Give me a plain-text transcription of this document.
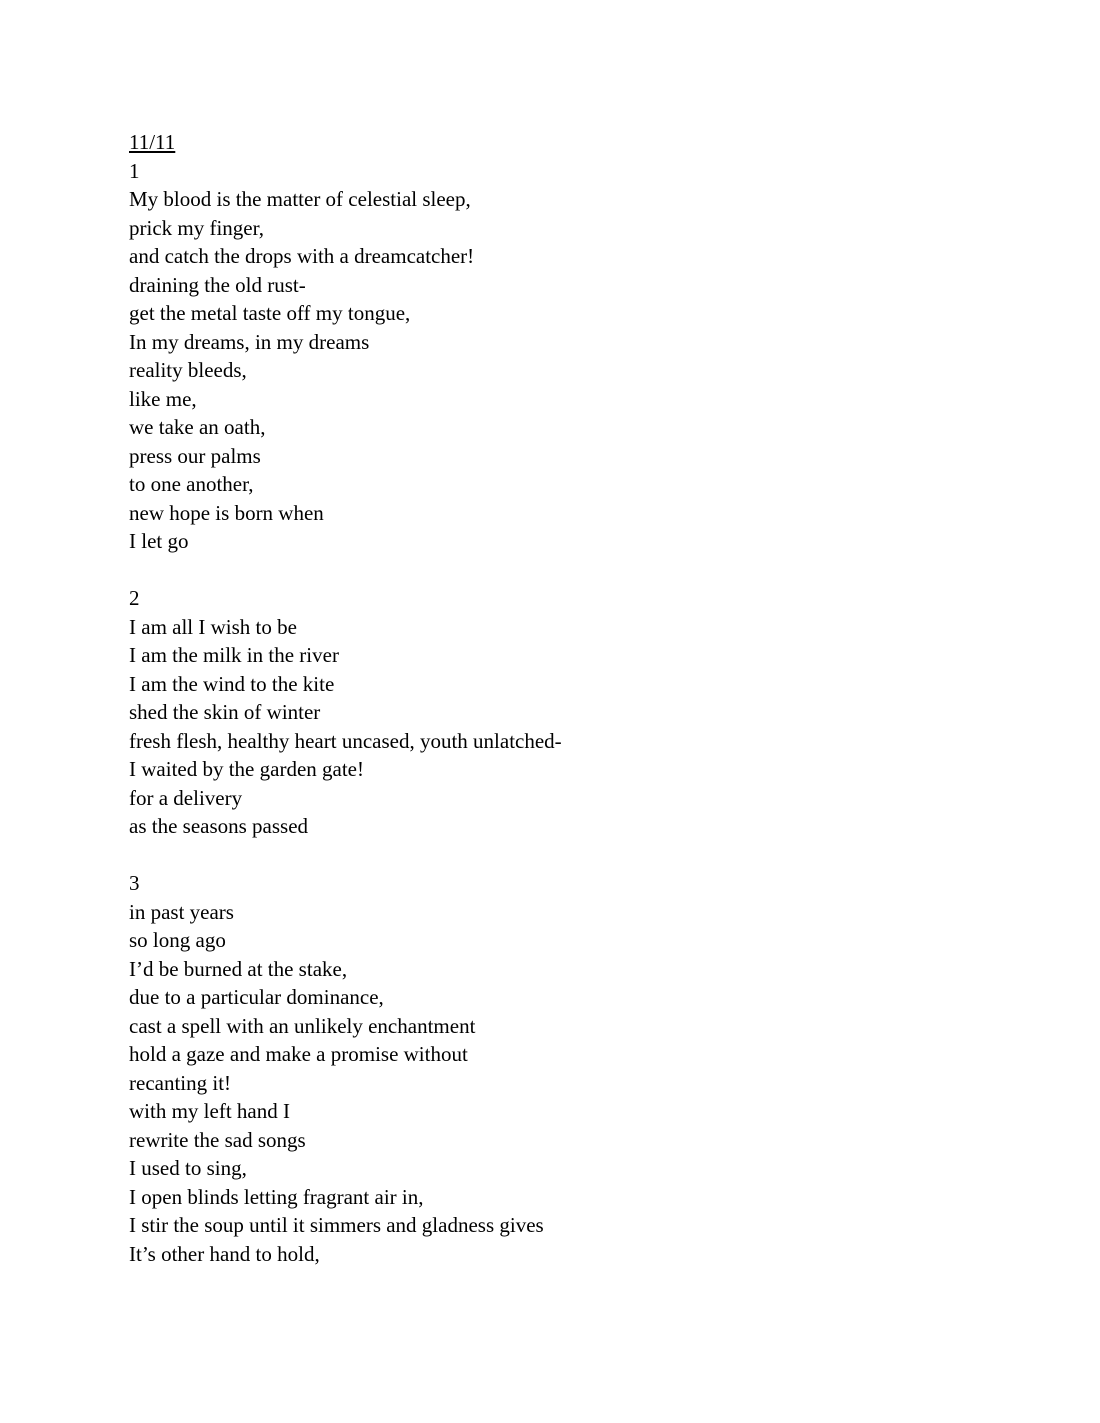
11/11
1
My blood is the matter of celestial sleep,
prick my finger,
and catch the drops with a dreamcatcher!
draining the old rust-
get the metal taste off my tongue,
In my dreams, in my dreams
reality bleeds,
like me,
we take an oath,
press our palms
to one another,
new hope is born when
I let go
2
I am all I wish to be
I am the milk in the river
I am the wind to the kite
shed the skin of winter
fresh flesh, healthy heart uncased, youth unlatched-
I waited by the garden gate!
for a delivery
as the seasons passed
3
in past years
so long ago
I’d be burned at the stake,
due to a particular dominance,
cast a spell with an unlikely enchantment
hold a gaze and make a promise without
recanting it!
with my left hand I
rewrite the sad songs
I used to sing,
I open blinds letting fragrant air in,
I stir the soup until it simmers and gladness gives
It’s other hand to hold,
